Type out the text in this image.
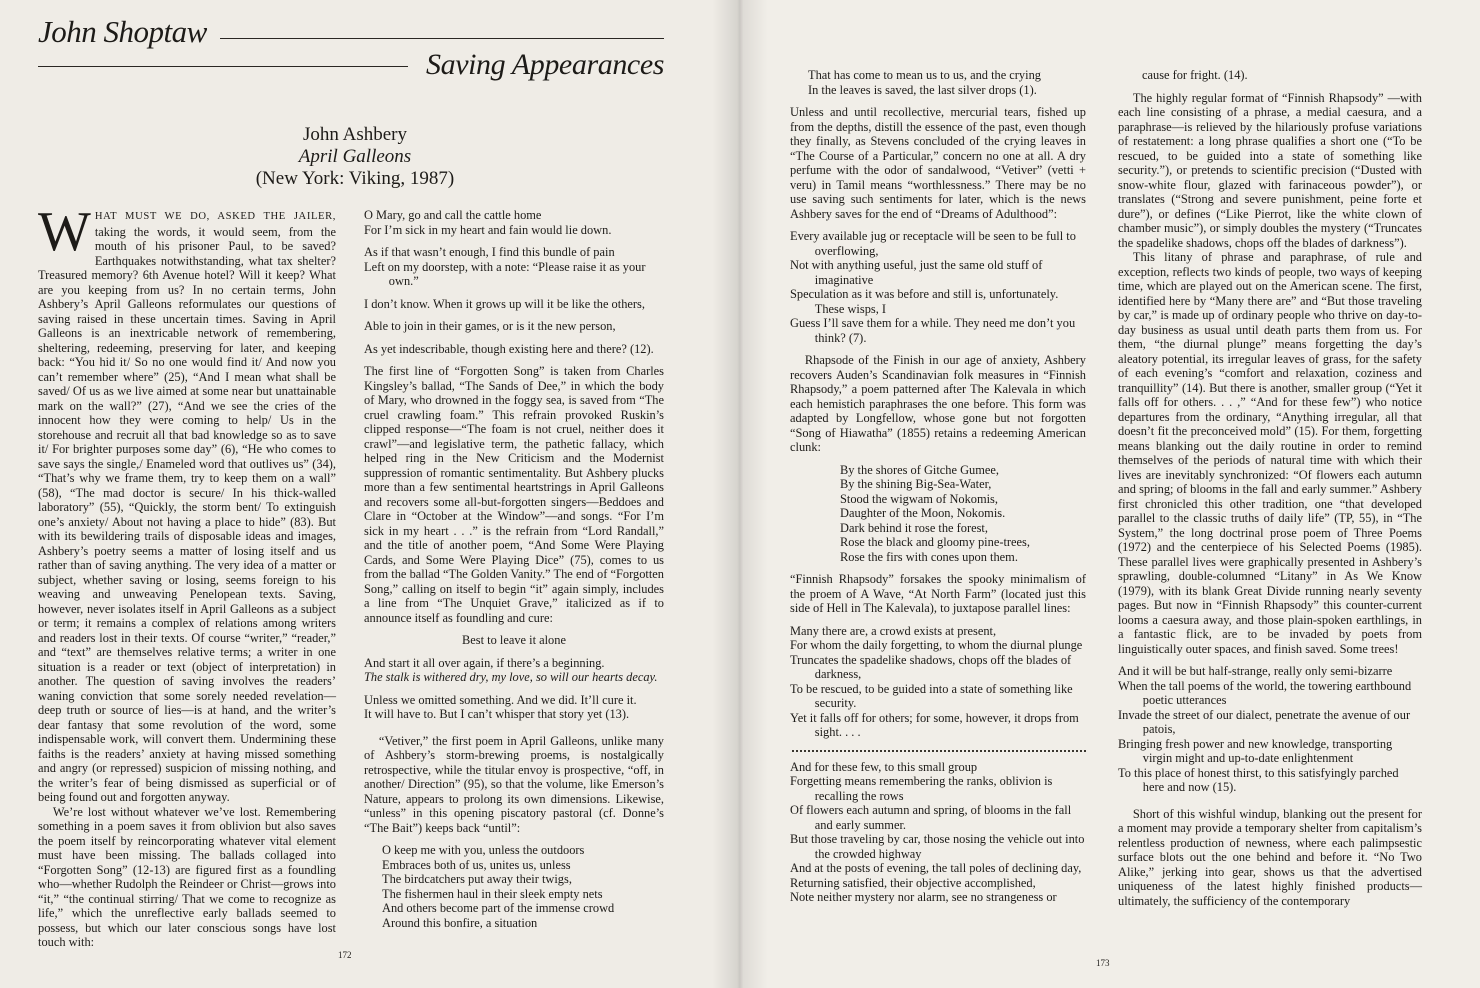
John Shoptaw
Saving Appearances
John Ashbery
April Galleons
(New York: Viking, 1987)

WHAT MUST WE DO, ASKED THE JAILER, taking the words, it would seem, from the mouth of his prisoner Paul, to be saved? Earthquakes notwithstanding, what tax shelter? Treasured memory? 6th Avenue hotel? Will it keep? What are you keeping from us? In no certain terms, John Ashbery’s April Galleons reformulates our questions of saving raised in these uncertain times. Saving in April Galleons is an inextricable network of remembering, sheltering, redeeming, preserving for later, and keeping back: “You hid it/ So no one would find it/ And now you can’t remember where” (25), “And I mean what shall be saved/ Of us as we live aimed at some near but unattainable mark on the wall?” (27), “And we see the cries of the innocent how they were coming to help/ Us in the storehouse and recruit all that bad knowledge so as to save it/ For brighter purposes some day” (6), “He who comes to save says the single,/ Enameled word that outlives us” (34), “That’s why we frame them, try to keep them on a wall” (58), “The mad doctor is secure/ In his thick-walled laboratory” (55), “Quickly, the storm bent/ To extinguish one’s anxiety/ About not having a place to hide” (83). But with its bewildering trails of disposable ideas and images, Ashbery’s poetry seems a matter of losing itself and us rather than of saving anything. The very idea of a matter or subject, whether saving or losing, seems foreign to his weaving and unweaving Penelopean texts. Saving, however, never isolates itself in April Galleons as a subject or term; it remains a complex of relations among writers and readers lost in their texts. Of course “writer,” “reader,” and “text” are themselves relative terms; a writer in one situation is a reader or text (object of interpretation) in another. The question of saving involves the readers’ waning conviction that some sorely needed revelation—deep truth or source of lies—is at hand, and the writer’s dear fantasy that some revolution of the word, some indispensable work, will convert them. Undermining these faiths is the readers’ anxiety at having missed something and angry (or repressed) suspicion of missing nothing, and the writer’s fear of being dismissed as superficial or of being found out and forgotten anyway.

We’re lost without whatever we’ve lost. Remembering something in a poem saves it from oblivion but also saves the poem itself by reincorporating whatever vital element must have been missing. The ballads collaged into “Forgotten Song” (12-13) are figured first as a foundling who—whether Rudolph the Reindeer or Christ—grows into “it,” “the continual stirring/ That we come to recognize as life,” which the unreflective early ballads seemed to possess, but which our later conscious songs have lost touch with:

O Mary, go and call the cattle home
For I’m sick in my heart and fain would lie down.
As if that wasn’t enough, I find this bundle of pain
Left on my doorstep, with a note: “Please raise it as your own.”
I don’t know. When it grows up will it be like the others,
Able to join in their games, or is it the new person,
As yet indescribable, though existing here and there? (12).

The first line of “Forgotten Song” is taken from Charles Kingsley’s ballad, “The Sands of Dee,” in which the body of Mary, who drowned in the foggy sea, is saved from “The cruel crawling foam.” This refrain provoked Ruskin’s clipped response—“The foam is not cruel, neither does it crawl”—and legislative term, the pathetic fallacy, which helped ring in the New Criticism and the Modernist suppression of romantic sentimentality. But Ashbery plucks more than a few sentimental heartstrings in April Galleons and recovers some all-but-forgotten singers—Beddoes and Clare in “October at the Window”—and songs. “For I’m sick in my heart . . .” is the refrain from “Lord Randall,” and the title of another poem, “And Some Were Playing Cards, and Some Were Playing Dice” (75), comes to us from the ballad “The Golden Vanity.” The end of “Forgotten Song,” calling on itself to begin “it” again simply, includes a line from “The Unquiet Grave,” italicized as if to announce itself as foundling and cure:

Best to leave it alone
And start it all over again, if there’s a beginning.
The stalk is withered dry, my love, so will our hearts decay.
Unless we omitted something. And we did. It’ll cure it.
It will have to. But I can’t whisper that story yet (13).

“Vetiver,” the first poem in April Galleons, unlike many of Ashbery’s storm-brewing proems, is nostalgically retrospective, while the titular envoy is prospective, “off, in another/ Direction” (95), so that the volume, like Emerson’s Nature, appears to prolong its own dimensions. Likewise, “unless” in this opening piscatory pastoral (cf. Donne’s “The Bait”) keeps back “until”:

O keep me with you, unless the outdoors
Embraces both of us, unites us, unless
The birdcatchers put away their twigs,
The fishermen haul in their sleek empty nets
And others become part of the immense crowd
Around this bonfire, a situation
172
That has come to mean us to us, and the crying
In the leaves is saved, the last silver drops (1).

Unless and until recollective, mercurial tears, fished up from the depths, distill the essence of the past, even though they finally, as Stevens concluded of the crying leaves in “The Course of a Particular,” concern no one at all. A dry perfume with the odor of sandalwood, “Vetiver” (vetti + veru) in Tamil means “worthlessness.” There may be no use saving such sentiments for later, which is the news Ashbery saves for the end of “Dreams of Adulthood”:

Every available jug or receptacle will be seen to be full to overflowing,
Not with anything useful, just the same old stuff of imaginative
Speculation as it was before and still is, unfortunately. These wisps, I
Guess I’ll save them for a while. They need me don’t you think? (7).

Rhapsode of the Finish in our age of anxiety, Ashbery recovers Auden’s Scandinavian folk measures in “Finnish Rhapsody,” a poem patterned after The Kalevala in which each hemistich paraphrases the one before. This form was adapted by Longfellow, whose gone but not forgotten “Song of Hiawatha” (1855) retains a redeeming American clunk:

By the shores of Gitche Gumee,
By the shining Big-Sea-Water,
Stood the wigwam of Nokomis,
Daughter of the Moon, Nokomis.
Dark behind it rose the forest,
Rose the black and gloomy pine-trees,
Rose the firs with cones upon them.

“Finnish Rhapsody” forsakes the spooky minimalism of the proem of A Wave, “At North Farm” (located just this side of Hell in The Kalevala), to juxtapose parallel lines:

Many there are, a crowd exists at present,
For whom the daily forgetting, to whom the diurnal plunge
Truncates the spadelike shadows, chops off the blades of darkness,
To be rescued, to be guided into a state of something like security.
Yet it falls off for others; for some, however, it drops from sight. . . .
And for these few, to this small group
Forgetting means remembering the ranks, oblivion is recalling the rows
Of flowers each autumn and spring, of blooms in the fall and early summer.
But those traveling by car, those nosing the vehicle out into the crowded highway
And at the posts of evening, the tall poles of declining day,
Returning satisfied, their objective accomplished,
Note neither mystery nor alarm, see no strangeness or
cause for fright. (14).

The highly regular format of “Finnish Rhapsody” —with each line consisting of a phrase, a medial caesura, and a paraphrase—is relieved by the hilariously profuse variations of restatement: a long phrase qualifies a short one (“To be rescued, to be guided into a state of something like security.”), or pretends to scientific precision (“Dusted with snow-white flour, glazed with farinaceous powder”), or translates (“Strong and severe punishment, peine forte et dure”), or defines (“Like Pierrot, like the white clown of chamber music”), or simply doubles the mystery (“Truncates the spadelike shadows, chops off the blades of darkness”).

This litany of phrase and paraphrase, of rule and exception, reflects two kinds of people, two ways of keeping time, which are played out on the American scene. The first, identified here by “Many there are” and “But those traveling by car,” is made up of ordinary people who thrive on day-to-day business as usual until death parts them from us. For them, “the diurnal plunge” means forgetting the day’s aleatory potential, its irregular leaves of grass, for the safety of each evening’s “comfort and relaxation, coziness and tranquillity” (14). But there is another, smaller group (“Yet it falls off for others. . . ,” “And for these few”) who notice departures from the ordinary, “Anything irregular, all that doesn’t fit the preconceived mold” (15). For them, forgetting means blanking out the daily routine in order to remind themselves of the periods of natural time with which their lives are inevitably synchronized: “Of flowers each autumn and spring; of blooms in the fall and early summer.” Ashbery first chronicled this other tradition, one “that developed parallel to the classic truths of daily life” (TP, 55), in “The System,” the long doctrinal prose poem of Three Poems (1972) and the centerpiece of his Selected Poems (1985). These parallel lives were graphically presented in Ashbery’s sprawling, double-columned “Litany” in As We Know (1979), with its blank Great Divide running nearly seventy pages. But now in “Finnish Rhapsody” this counter-current looms a caesura away, and those plain-spoken earthlings, in a fantastic flick, are to be invaded by poets from linguistically outer spaces, and finish saved. Some trees!

And it will be but half-strange, really only semi-bizarre
When the tall poems of the world, the towering earthbound poetic utterances
Invade the street of our dialect, penetrate the avenue of our patois,
Bringing fresh power and new knowledge, transporting virgin might and up-to-date enlightenment
To this place of honest thirst, to this satisfyingly parched here and now (15).

Short of this wishful windup, blanking out the present for a moment may provide a temporary shelter from capitalism’s relentless production of newness, where each palimpsestic surface blots out the one behind and before it. “No Two Alike,” jerking into gear, shows us that the advertised uniqueness of the latest highly finished products—ultimately, the sufficiency of the contemporary

173
